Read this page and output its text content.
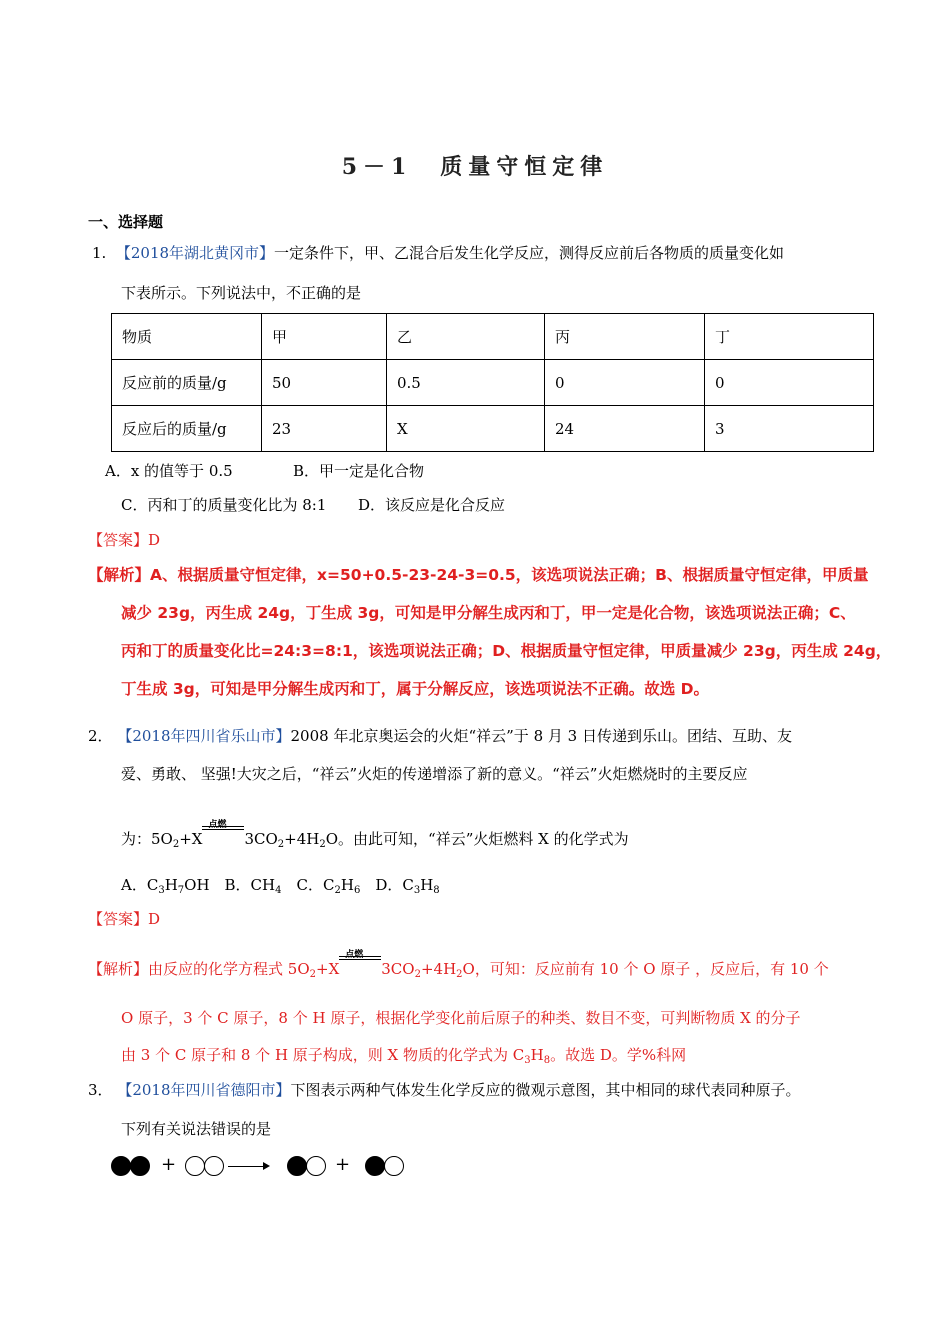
5－1　质量守恒定律
一、选择题
1. 【2018年湖北黄冈市】一定条件下，甲、乙混合后发生化学反应，测得反应前后各物质的质量变化如
下表所示。下列说法中，不正确的是
物质	甲	乙	丙	丁
反应前的质量/g	50	0.5	0	0
反应后的质量/g	23	X	24	3
A．x 的值等于 0.5	B．甲一定是化合物
C．丙和丁的质量变化比为 8:1 D．该反应是化合反应
【答案】D
【解析】A、根据质量守恒定律，x=50+0.5-23-24-3=0.5，该选项说法正确；B、根据质量守恒定律，甲质量
减少 23g，丙生成 24g，丁生成 3g，可知是甲分解生成丙和丁，甲一定是化合物，该选项说法正确；C、
丙和丁的质量变化比=24:3=8:1，该选项说法正确；D、根据质量守恒定律，甲质量减少 23g，丙生成 24g，
丁生成 3g，可知是甲分解生成丙和丁，属于分解反应，该选项说法不正确。故选 D。
2． 【2018年四川省乐山市】2008 年北京奥运会的火炬“祥云”于 8 月 3 日传递到乐山。团结、互助、友
爱、勇敢、 坚强!大灾之后，“祥云”火炬的传递增添了新的意义。“祥云”火炬燃烧时的主要反应
为：$5O_2+X$
点燃
$3CO_2+4H_2O$。由此可知，“祥云”火炬燃料 X 的化学式为
A．$C_3H_7OH$　B．$CH_4$　C．$C_2H_6$　D．$C_3H_8$
【答案】D
【解析】由反应的化学方程式 $5O_2+X$
点燃
$3CO_2+4H_2O$，可知：反应前有 10 个 O 原子 ，反应后，有 10 个
O 原子，3 个 C 原子，8 个 H 原子，根据化学变化前后原子的种类、数目不变，可判断物质 X 的分子
由 3 个 C 原子和 8 个 H 原子构成，则 X 物质的化学式为 $C_3H_8$。故选 D。学%科网
3． 【2018年四川省德阳市】下图表示两种气体发生化学反应的微观示意图，其中相同的球代表同种原子。
下列有关说法错误的是
+	+
